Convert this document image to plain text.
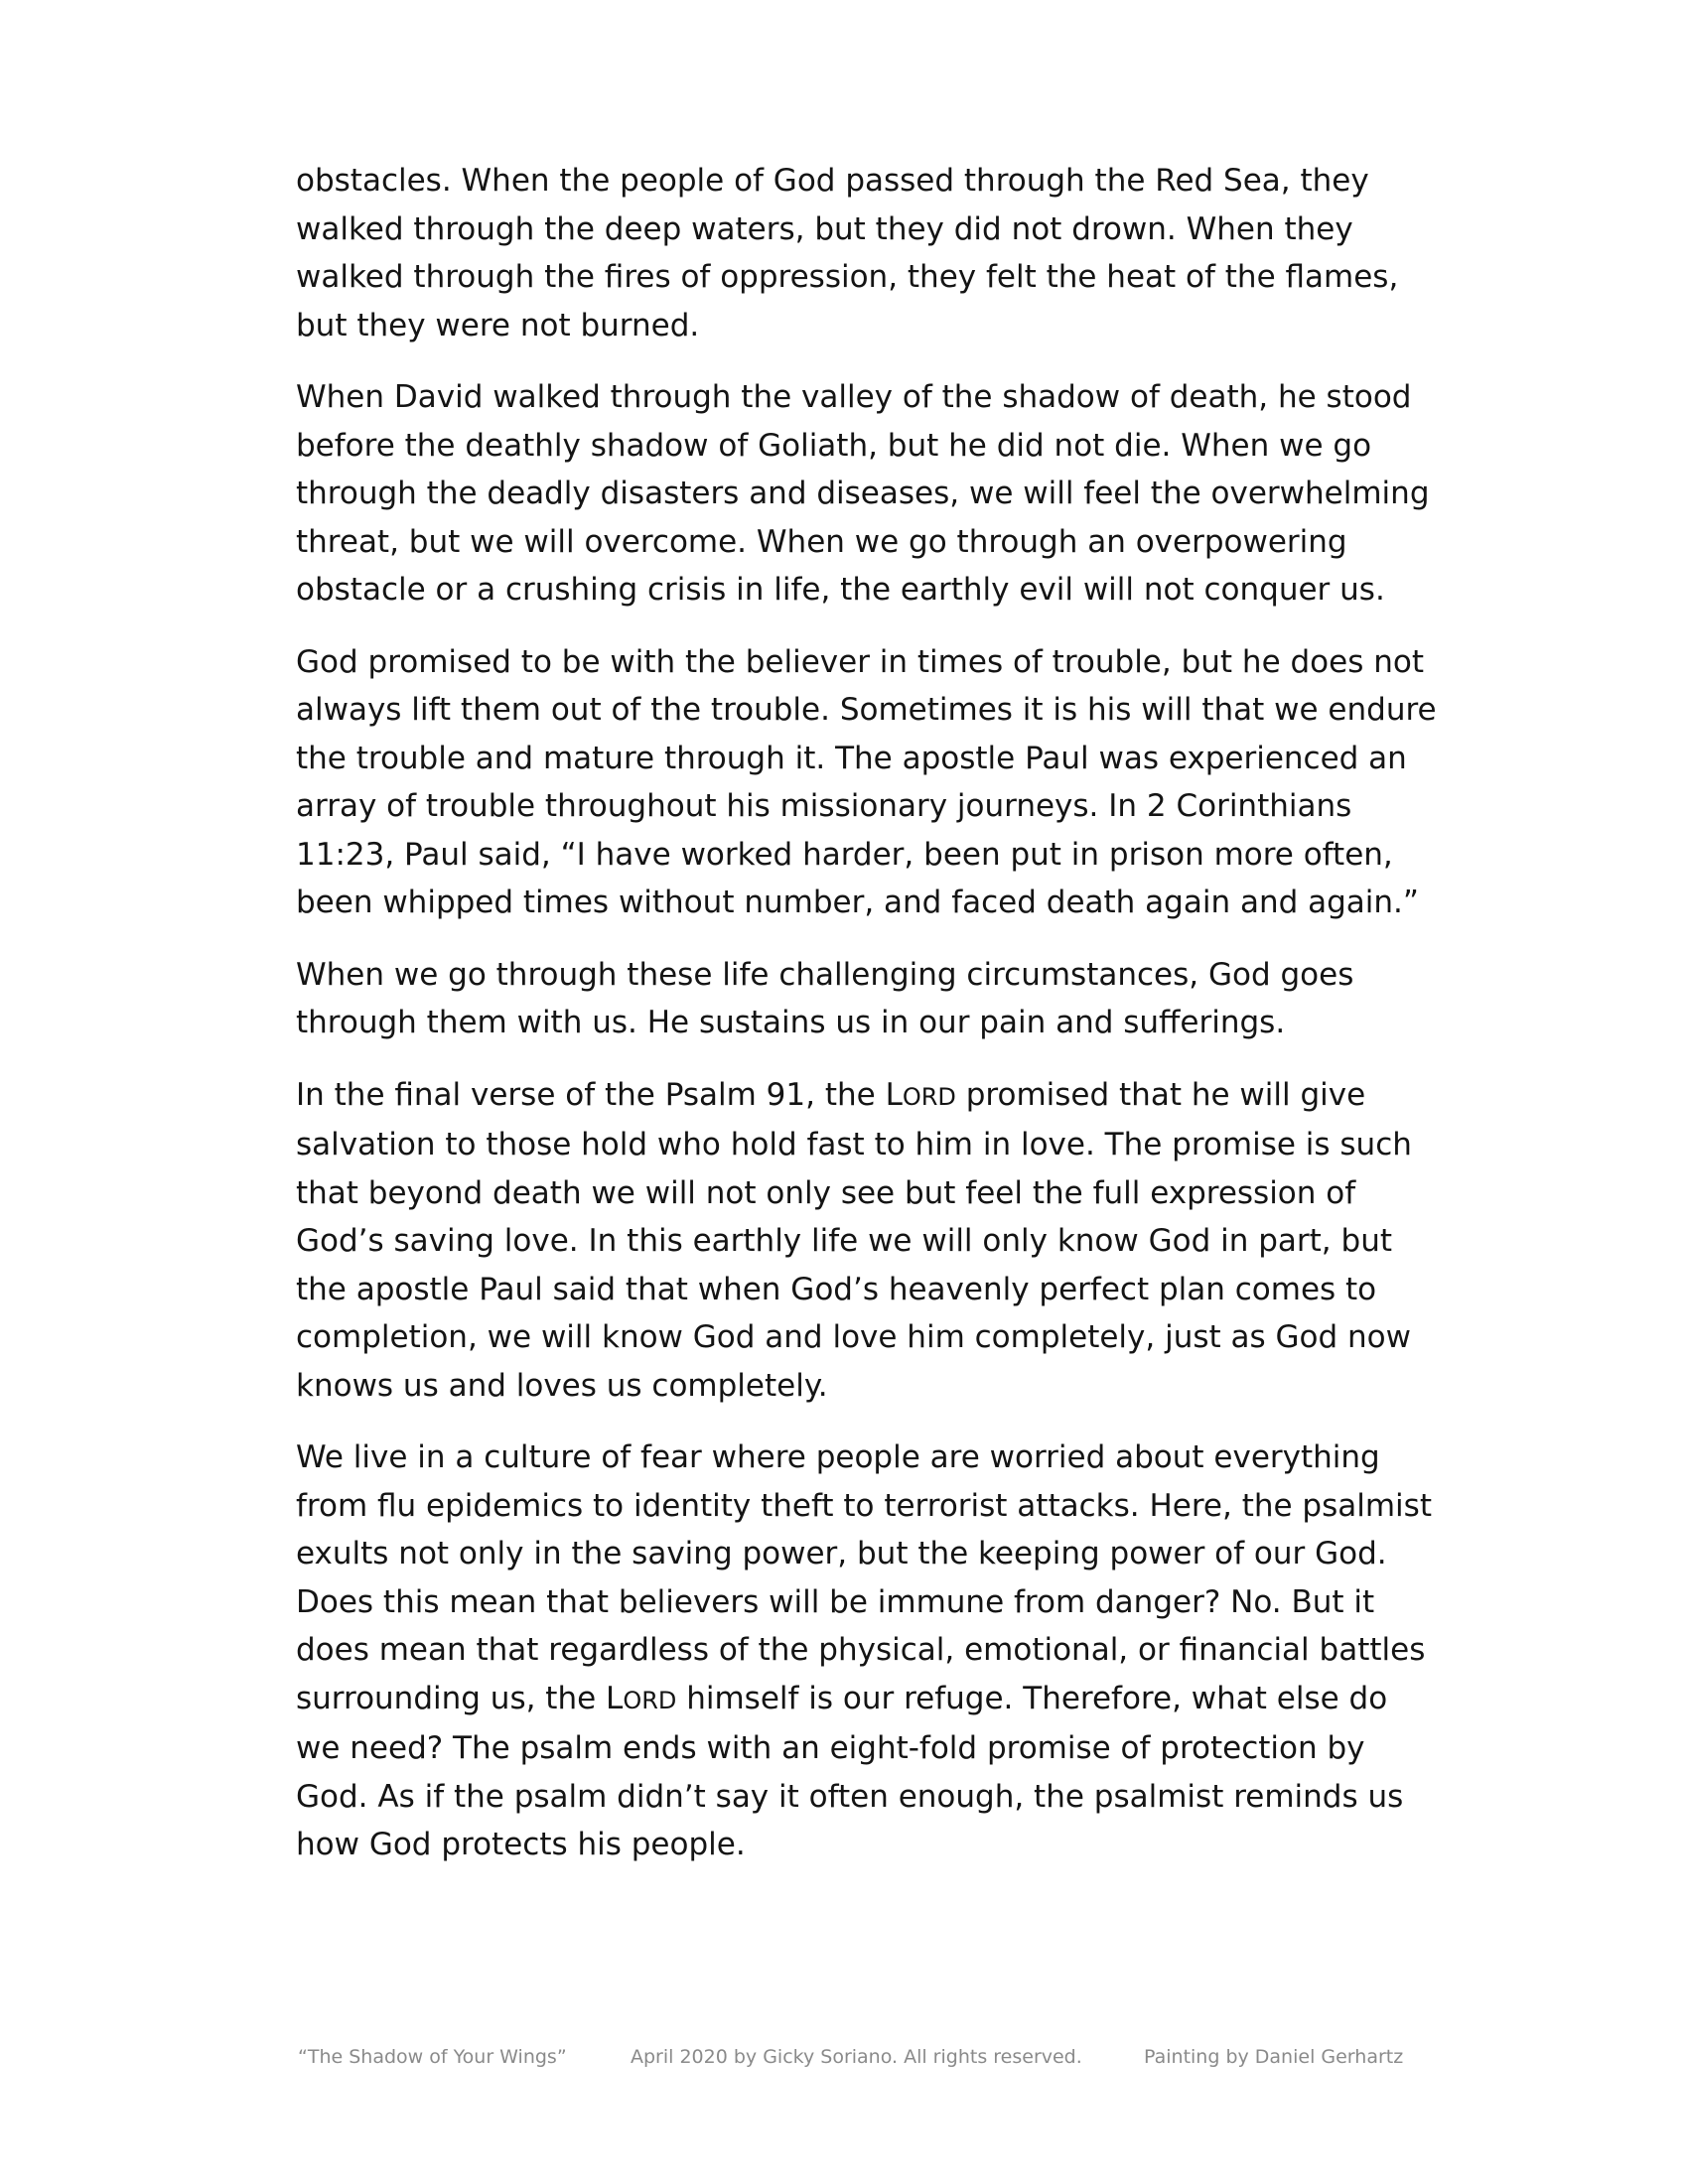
obstacles. When the people of God passed through the Red Sea, they
walked through the deep waters, but they did not drown. When they
walked through the fires of oppression, they felt the heat of the flames,
but they were not burned.

When David walked through the valley of the shadow of death, he stood
before the deathly shadow of Goliath, but he did not die. When we go
through the deadly disasters and diseases, we will feel the overwhelming
threat, but we will overcome. When we go through an overpowering
obstacle or a crushing crisis in life, the earthly evil will not conquer us.

God promised to be with the believer in times of trouble, but he does not
always lift them out of the trouble. Sometimes it is his will that we endure
the trouble and mature through it. The apostle Paul was experienced an
array of trouble throughout his missionary journeys. In 2 Corinthians
11:23, Paul said, “I have worked harder, been put in prison more often,
been whipped times without number, and faced death again and again.”

When we go through these life challenging circumstances, God goes
through them with us. He sustains us in our pain and sufferings.

In the final verse of the Psalm 91, the LORD promised that he will give
salvation to those hold who hold fast to him in love. The promise is such
that beyond death we will not only see but feel the full expression of
God’s saving love. In this earthly life we will only know God in part, but
the apostle Paul said that when God’s heavenly perfect plan comes to
completion, we will know God and love him completely, just as God now
knows us and loves us completely.

We live in a culture of fear where people are worried about everything
from flu epidemics to identity theft to terrorist attacks. Here, the psalmist
exults not only in the saving power, but the keeping power of our God.
Does this mean that believers will be immune from danger? No. But it
does mean that regardless of the physical, emotional, or financial battles
surrounding us, the LORD himself is our refuge. Therefore, what else do
we need? The psalm ends with an eight-fold promise of protection by
God. As if the psalm didn’t say it often enough, the psalmist reminds us
how God protects his people.

“The Shadow of Your Wings”	April 2020 by Gicky Soriano. All rights reserved.	Painting by Daniel Gerhartz
